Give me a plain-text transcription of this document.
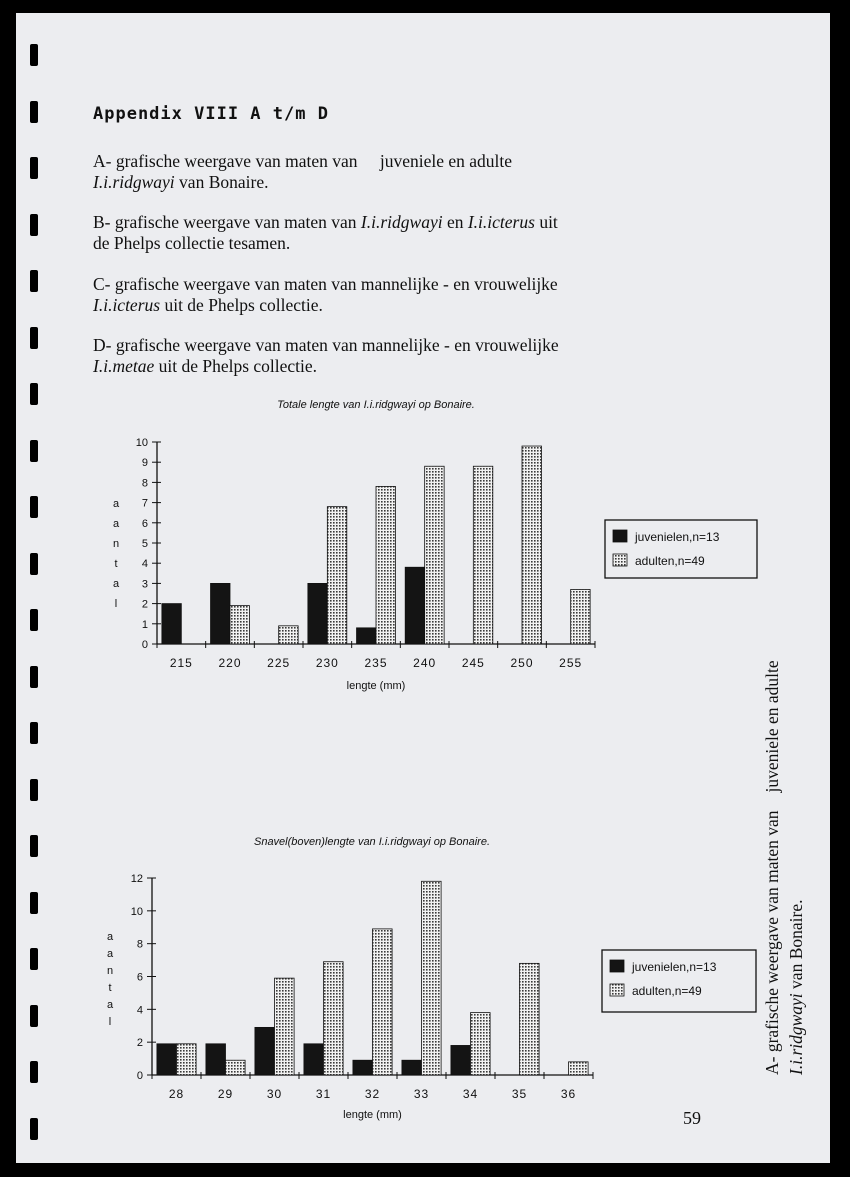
Appendix VIII A t/m D
A- grafische weergave van maten van juveniele en adulte
I.i.ridgwayi van Bonaire.
B- grafische weergave van maten van I.i.ridgwayi en I.i.icterus uit
de Phelps collectie tesamen.
C- grafische weergave van maten van mannelijke - en vrouwelijke
I.i.icterus uit de Phelps collectie.
D- grafische weergave van maten van mannelijke - en vrouwelijke
I.i.metae uit de Phelps collectie.
A- grafische weergave van maten vanjuveniele en adulte
I.i.ridgwayi van Bonaire.
59
Totale lengte van I.i.ridgwayi op Bonaire.
0
1
2
3
4
5
6
7
8
9
10
a
a
n
t
a
l
215 220 225 230 235 240 245 250 255
lengte (mm)
juvenielen,n=13
adulten,n=49
Snavel(boven)lengte van I.i.ridgwayi op Bonaire.
0
2
4
6
8
10
12
a
a
n
t
a
l
28	29	30	31	32	33	34	35	36
lengte (mm)
juvenielen,n=13
adulten,n=49
